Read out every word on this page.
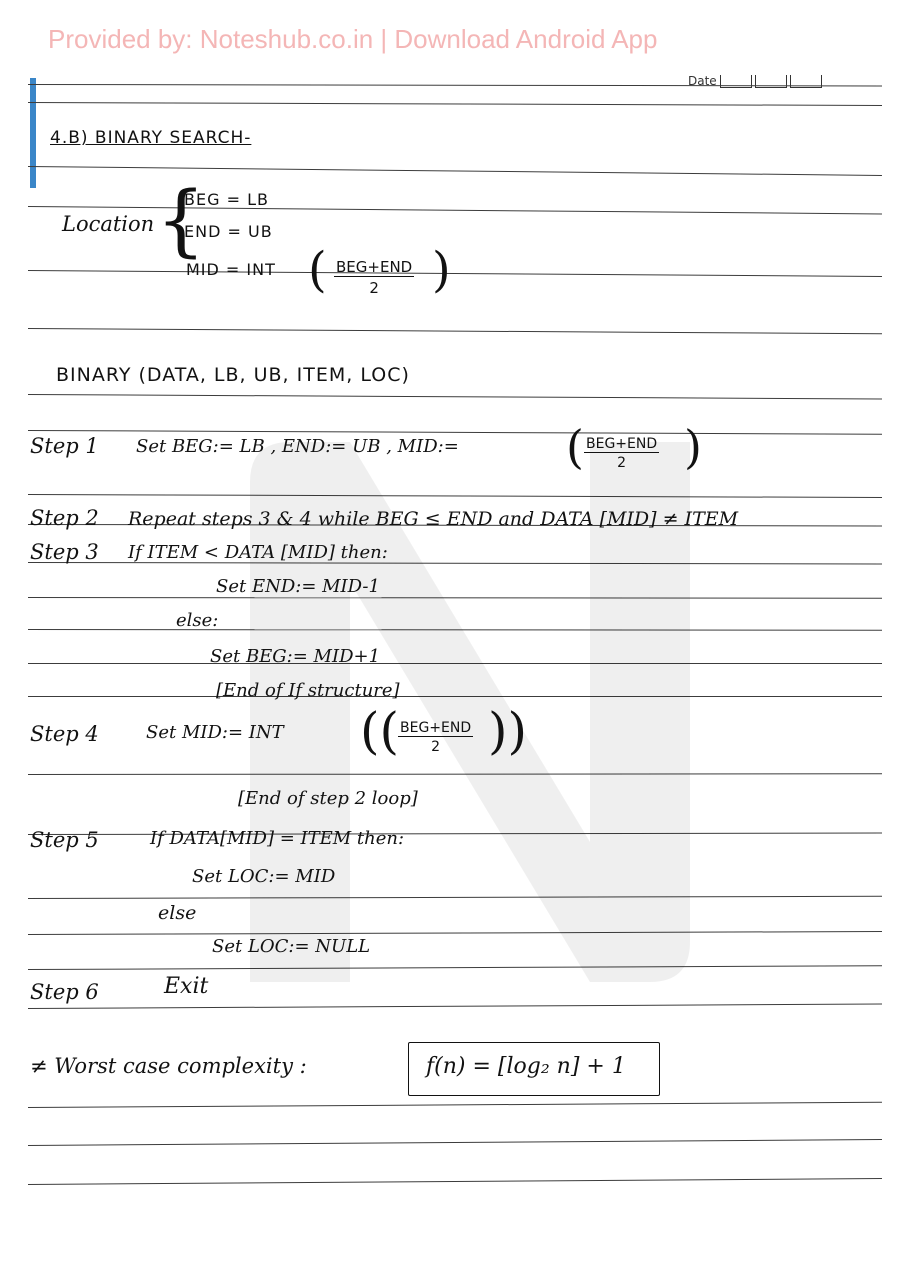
Provided by: Noteshub.co.in | Download Android App
Date
4.B) BINARY SEARCH-
Location {
BEG = LB
END = UB
MID = INT ( BEG+END
2 )
BINARY (DATA, LB, UB, ITEM, LOC)
Step 1 Set BEG:= LB , END:= UB , MID:= ( BEG+END
2 )
Step 2 Repeat steps 3 & 4 while BEG ≤ END and DATA [MID] ≠ ITEM
Step 3 If ITEM < DATA [MID] then:
Set END:= MID-1
else:
Set BEG:= MID+1
[End of If structure]
Step 4	Set MID:= INT (( BEG+END
2 ))
[End of step 2 loop]
Step 5	If DATA[MID] = ITEM then:
Set LOC:= MID
else
Set LOC:= NULL
Step 6	Exit
≠ Worst case complexity :	f(n) = [log₂ n] + 1
